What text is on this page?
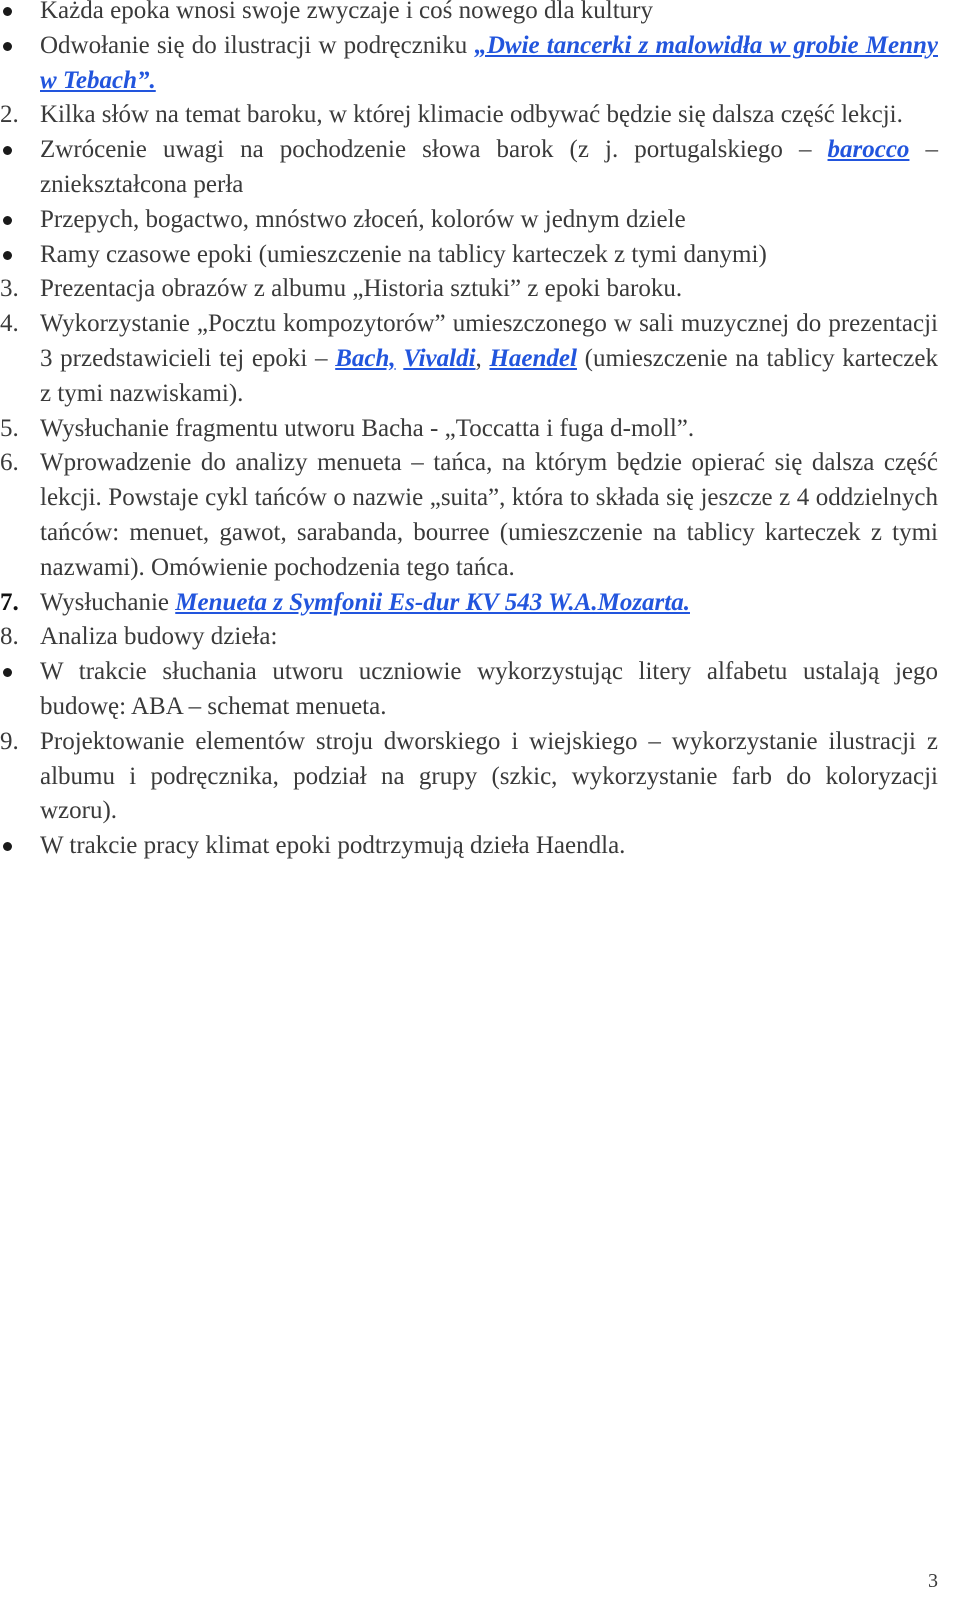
Każda epoka wnosi swoje zwyczaje i coś nowego dla kultury
Odwołanie się do ilustracji w podręczniku „Dwie tancerki z malowidła w grobie Menny w Tebach”.
2. Kilka słów na temat baroku, w której klimacie odbywać będzie się dalsza część lekcji.
Zwrócenie uwagi na pochodzenie słowa barok (z j. portugalskiego – barocco – zniekształcona perła
Przepych, bogactwo, mnóstwo złoceń, kolorów w jednym dziele
Ramy czasowe epoki (umieszczenie na tablicy karteczek z tymi danymi)
3. Prezentacja obrazów z albumu „Historia sztuki” z epoki baroku.
4. Wykorzystanie „Pocztu kompozytorów” umieszczonego w sali muzycznej do prezentacji 3 przedstawicieli tej epoki – Bach, Vivaldi, Haendel (umieszczenie na tablicy karteczek z tymi nazwiskami).
5. Wysłuchanie fragmentu utworu Bacha - „Toccatta i fuga d-moll”.
6. Wprowadzenie do analizy menueta – tańca, na którym będzie opierać się dalsza część lekcji. Powstaje cykl tańców o nazwie „suita”, która to składa się jeszcze z 4 oddzielnych tańców: menuet, gawot, sarabanda, bourree (umieszczenie na tablicy karteczek z tymi nazwami). Omówienie pochodzenia tego tańca.
7. Wysłuchanie Menueta z Symfonii Es-dur KV 543 W.A.Mozarta.
8. Analiza budowy dzieła:
W trakcie słuchania utworu uczniowie wykorzystując litery alfabetu ustalają jego budowę: ABA – schemat menueta.
9. Projektowanie elementów stroju dworskiego i wiejskiego – wykorzystanie ilustracji z albumu i podręcznika, podział na grupy (szkic, wykorzystanie farb do koloryzacji wzoru).
W trakcie pracy klimat epoki podtrzymują dzieła Haendla.
3
